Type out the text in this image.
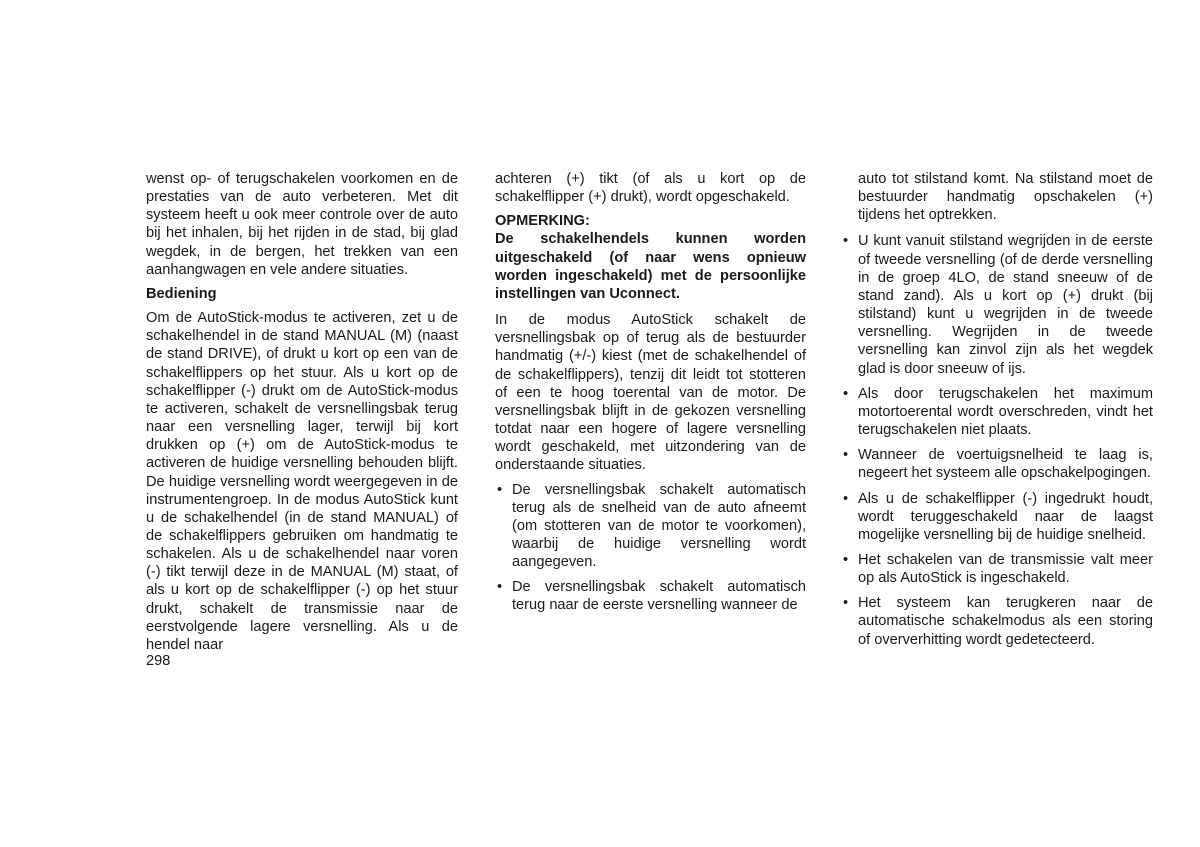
wenst op- of terugschakelen voorkomen en de prestaties van de auto verbeteren. Met dit systeem heeft u ook meer controle over de auto bij het inhalen, bij het rijden in de stad, bij glad wegdek, in de bergen, het trekken van een aanhangwagen en vele andere situaties.

Bediening

Om de AutoStick-modus te activeren, zet u de schakelhendel in de stand MANUAL (M) (naast de stand DRIVE), of drukt u kort op een van de schakelflippers op het stuur. Als u kort op de schakelflipper (-) drukt om de AutoStick-modus te activeren, schakelt de versnellingsbak terug naar een versnelling lager, terwijl bij kort drukken op (+) om de AutoStick-modus te activeren de huidige versnelling behouden blijft. De huidige versnelling wordt weergegeven in de instrumentengroep. In de modus AutoStick kunt u de schakelhendel (in de stand MANUAL) of de schakelflippers gebruiken om handmatig te schakelen. Als u de schakelhendel naar voren (-) tikt terwijl deze in de MANUAL (M) staat, of als u kort op de schakelflipper (-) op het stuur drukt, schakelt de transmissie naar de eerstvolgende lagere versnelling. Als u de hendel naar

achteren (+) tikt (of als u kort op de schakelflipper (+) drukt), wordt opgeschakeld.

OPMERKING:

De schakelhendels kunnen worden uitgeschakeld (of naar wens opnieuw worden ingeschakeld) met de persoonlijke instellingen van Uconnect.

In de modus AutoStick schakelt de versnellingsbak op of terug als de bestuurder handmatig (+/-) kiest (met de schakelhendel of de schakelflippers), tenzij dit leidt tot stotteren of een te hoog toerental van de motor. De versnellingsbak blijft in de gekozen versnelling totdat naar een hogere of lagere versnelling wordt geschakeld, met uitzondering van de onderstaande situaties.

• De versnellingsbak schakelt automatisch terug als de snelheid van de auto afneemt (om stotteren van de motor te voorkomen), waarbij de huidige versnelling wordt aangegeven.
• De versnellingsbak schakelt automatisch terug naar de eerste versnelling wanneer de

auto tot stilstand komt. Na stilstand moet de bestuurder handmatig opschakelen (+) tijdens het optrekken.

• U kunt vanuit stilstand wegrijden in de eerste of tweede versnelling (of de derde versnelling in de groep 4LO, de stand sneeuw of de stand zand). Als u kort op (+) drukt (bij stilstand) kunt u wegrijden in de tweede versnelling. Wegrijden in de tweede versnelling kan zinvol zijn als het wegdek glad is door sneeuw of ijs.
• Als door terugschakelen het maximum motortoerental wordt overschreden, vindt het terugschakelen niet plaats.
• Wanneer de voertuigsnelheid te laag is, negeert het systeem alle opschakelpogingen.
• Als u de schakelflipper (-) ingedrukt houdt, wordt teruggeschakeld naar de laagst mogelijke versnelling bij de huidige snelheid.
• Het schakelen van de transmissie valt meer op als AutoStick is ingeschakeld.
• Het systeem kan terugkeren naar de automatische schakelmodus als een storing of oververhitting wordt gedetecteerd.
298
